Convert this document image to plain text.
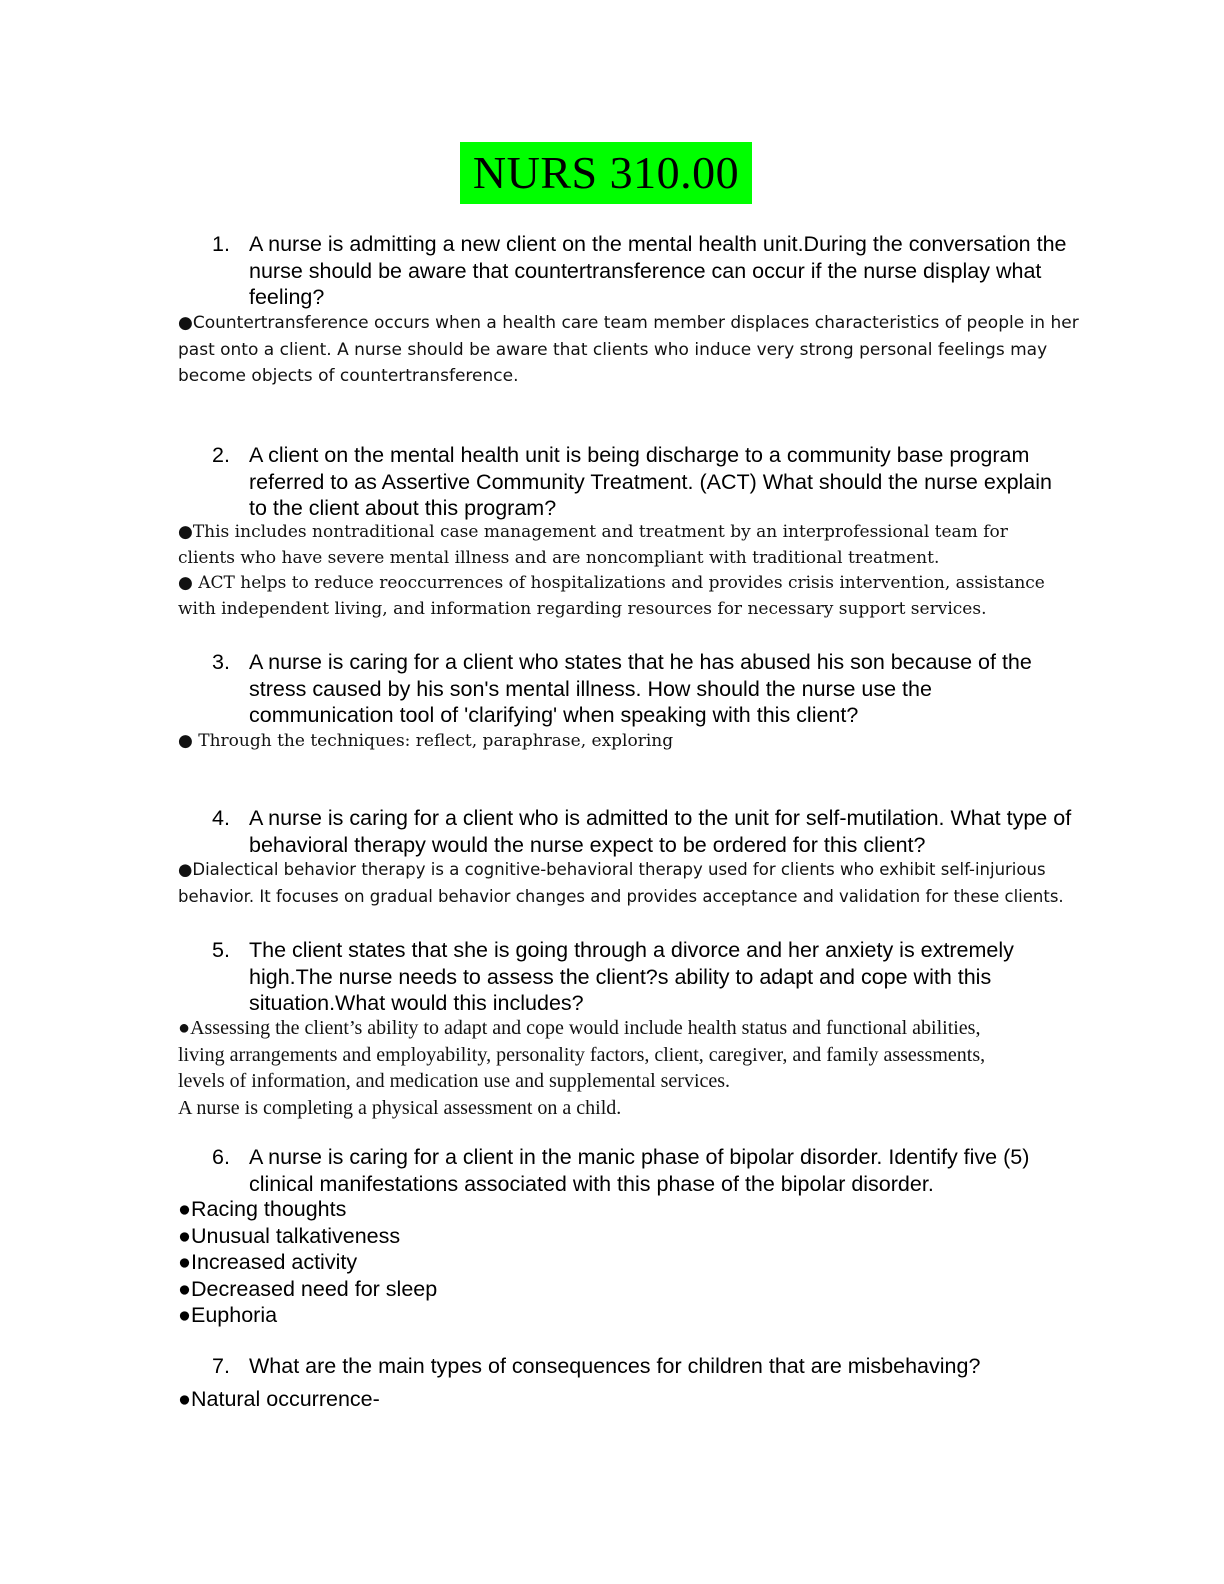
NURS 310.00
1. A nurse is admitting a new client on the mental health unit.During the conversation the
nurse should be aware that countertransference can occur if the nurse display what
feeling?
●Countertransference occurs when a health care team member displaces characteristics of people in her
past onto a client. A nurse should be aware that clients who induce very strong personal feelings may
become objects of countertransference.
2. A client on the mental health unit is being discharge to a community base program
referred to as Assertive Community Treatment. (ACT) What should the nurse explain
to the client about this program?
●This includes nontraditional case management and treatment by an interprofessional team for
clients who have severe mental illness and are noncompliant with traditional treatment.
● ACT helps to reduce reoccurrences of hospitalizations and provides crisis intervention, assistance
with independent living, and information regarding resources for necessary support services.
3. A nurse is caring for a client who states that he has abused his son because of the
stress caused by his son's mental illness. How should the nurse use the
communication tool of 'clarifying' when speaking with this client?
● Through the techniques: reflect, paraphrase, exploring
4. A nurse is caring for a client who is admitted to the unit for self-mutilation. What type of
behavioral therapy would the nurse expect to be ordered for this client?
●Dialectical behavior therapy is a cognitive-behavioral therapy used for clients who exhibit self-injurious
behavior. It focuses on gradual behavior changes and provides acceptance and validation for these clients.
5. The client states that she is going through a divorce and her anxiety is extremely
high.The nurse needs to assess the client?s ability to adapt and cope with this
situation.What would this includes?
●Assessing the client’s ability to adapt and cope would include health status and functional abilities,
living arrangements and employability, personality factors, client, caregiver, and family assessments,
levels of information, and medication use and supplemental services.
A nurse is completing a physical assessment on a child.
6. A nurse is caring for a client in the manic phase of bipolar disorder. Identify five (5)
clinical manifestations associated with this phase of the bipolar disorder.
●Racing thoughts
●Unusual talkativeness
●Increased activity
●Decreased need for sleep
●Euphoria
7. What are the main types of consequences for children that are misbehaving?
●Natural occurrence-
